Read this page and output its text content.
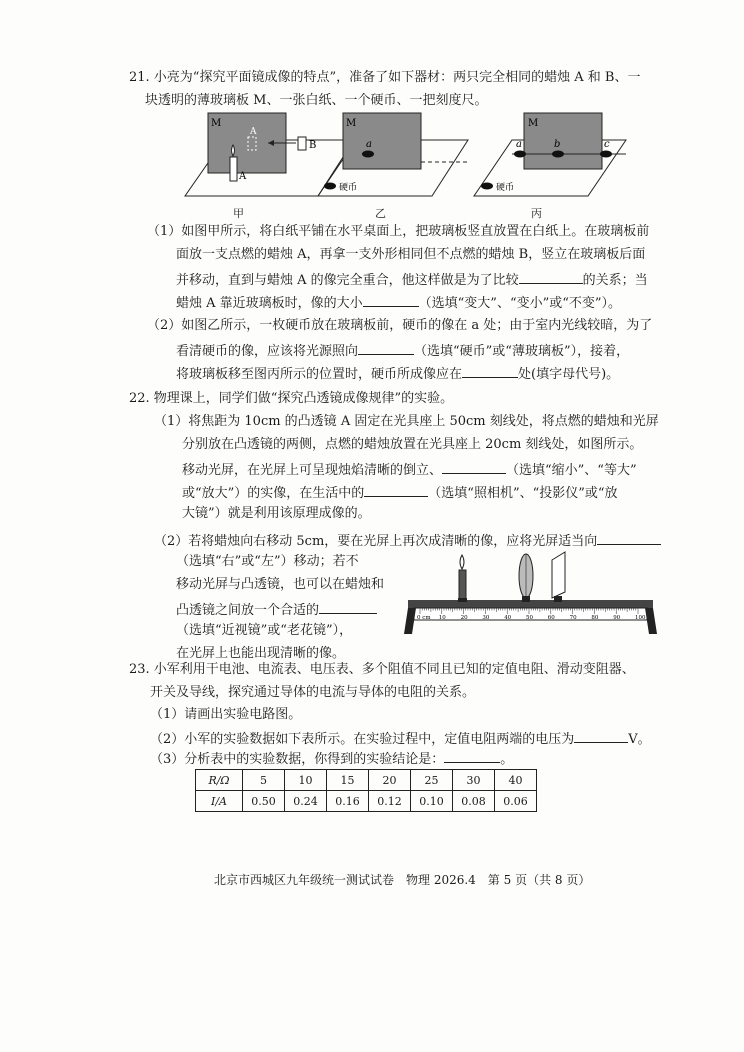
21. 小亮为“探究平面镜成像的特点”，准备了如下器材：两只完全相同的蜡烛 A 和 B、一
块透明的薄玻璃板 M、一张白纸、一个硬币、一把刻度尺。
M
A
A
B
M
a
硬币
M
a	b	c
硬币
甲	乙	丙
（1）如图甲所示，将白纸平铺在水平桌面上，把玻璃板竖直放置在白纸上。在玻璃板前
面放一支点燃的蜡烛 A，再拿一支外形相同但不点燃的蜡烛 B，竖立在玻璃板后面
并移动，直到与蜡烛 A 的像完全重合，他这样做是为了比较	的关系；当
蜡烛 A 靠近玻璃板时，像的大小	（选填“变大”、“变小”或“不变”）。
（2）如图乙所示，一枚硬币放在玻璃板前，硬币的像在 a 处；由于室内光线较暗，为了
看清硬币的像，应该将光源照向	（选填“硬币”或“薄玻璃板”），接着，
将玻璃板移至图丙所示的位置时，硬币所成像应在	处(填字母代号)。
22. 物理课上，同学们做“探究凸透镜成像规律”的实验。
（1）将焦距为 10cm 的凸透镜 A 固定在光具座上 50cm 刻线处，将点燃的蜡烛和光屏
分别放在凸透镜的两侧，点燃的蜡烛放置在光具座上 20cm 刻线处，如图所示。
移动光屏，在光屏上可呈现烛焰清晰的倒立、	（选填“缩小”、“等大”
或“放大”）的实像，在生活中的	（选填“照相机”、“投影仪”或“放
大镜”）就是利用该原理成像的。
（2）若将蜡烛向右移动 5cm，要在光屏上再次成清晰的像，应将光屏适当向
（选填“右”或“左”）移动；若不
移动光屏与凸透镜，也可以在蜡烛和
凸透镜之间放一个合适的
（选填“近视镜”或“老花镜”），
在光屏上也能出现清晰的像。
0 cm 10	20	30	40	50	60	70	80	90	100
23. 小军利用干电池、电流表、电压表、多个阻值不同且已知的定值电阻、滑动变阻器、
开关及导线，探究通过导体的电流与导体的电阻的关系。
（1）请画出实验电路图。
（2）小军的实验数据如下表所示。在实验过程中，定值电阻两端的电压为	V。
（3）分析表中的实验数据，你得到的实验结论是：	。
R/Ω	5	10	15	20	25	30	40
I/A	0.50	0.24	0.16	0.12	0.10	0.08	0.06
北京市西城区九年级统一测试试卷　物理 2026.4　第 5 页（共 8 页）
